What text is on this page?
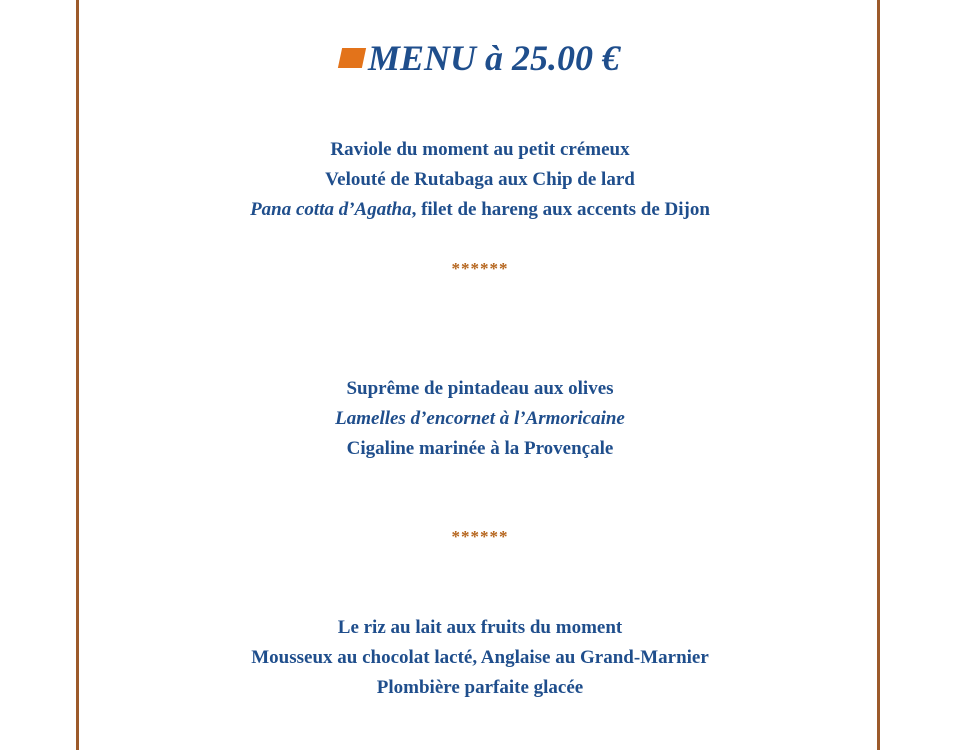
MENU à 25.00 €
Raviole du moment au petit crémeux
Velouté de Rutabaga aux Chip de lard
Pana cotta d’Agatha, filet de hareng aux accents de Dijon
******
Suprême de pintadeau aux olives
Lamelles d’encornet à l’Armoricaine
Cigaline marinée à la Provençale
******
Le riz au lait aux fruits du moment
Mousseux au chocolat lacté, Anglaise au Grand-Marnier
Plombière parfaite glacée
